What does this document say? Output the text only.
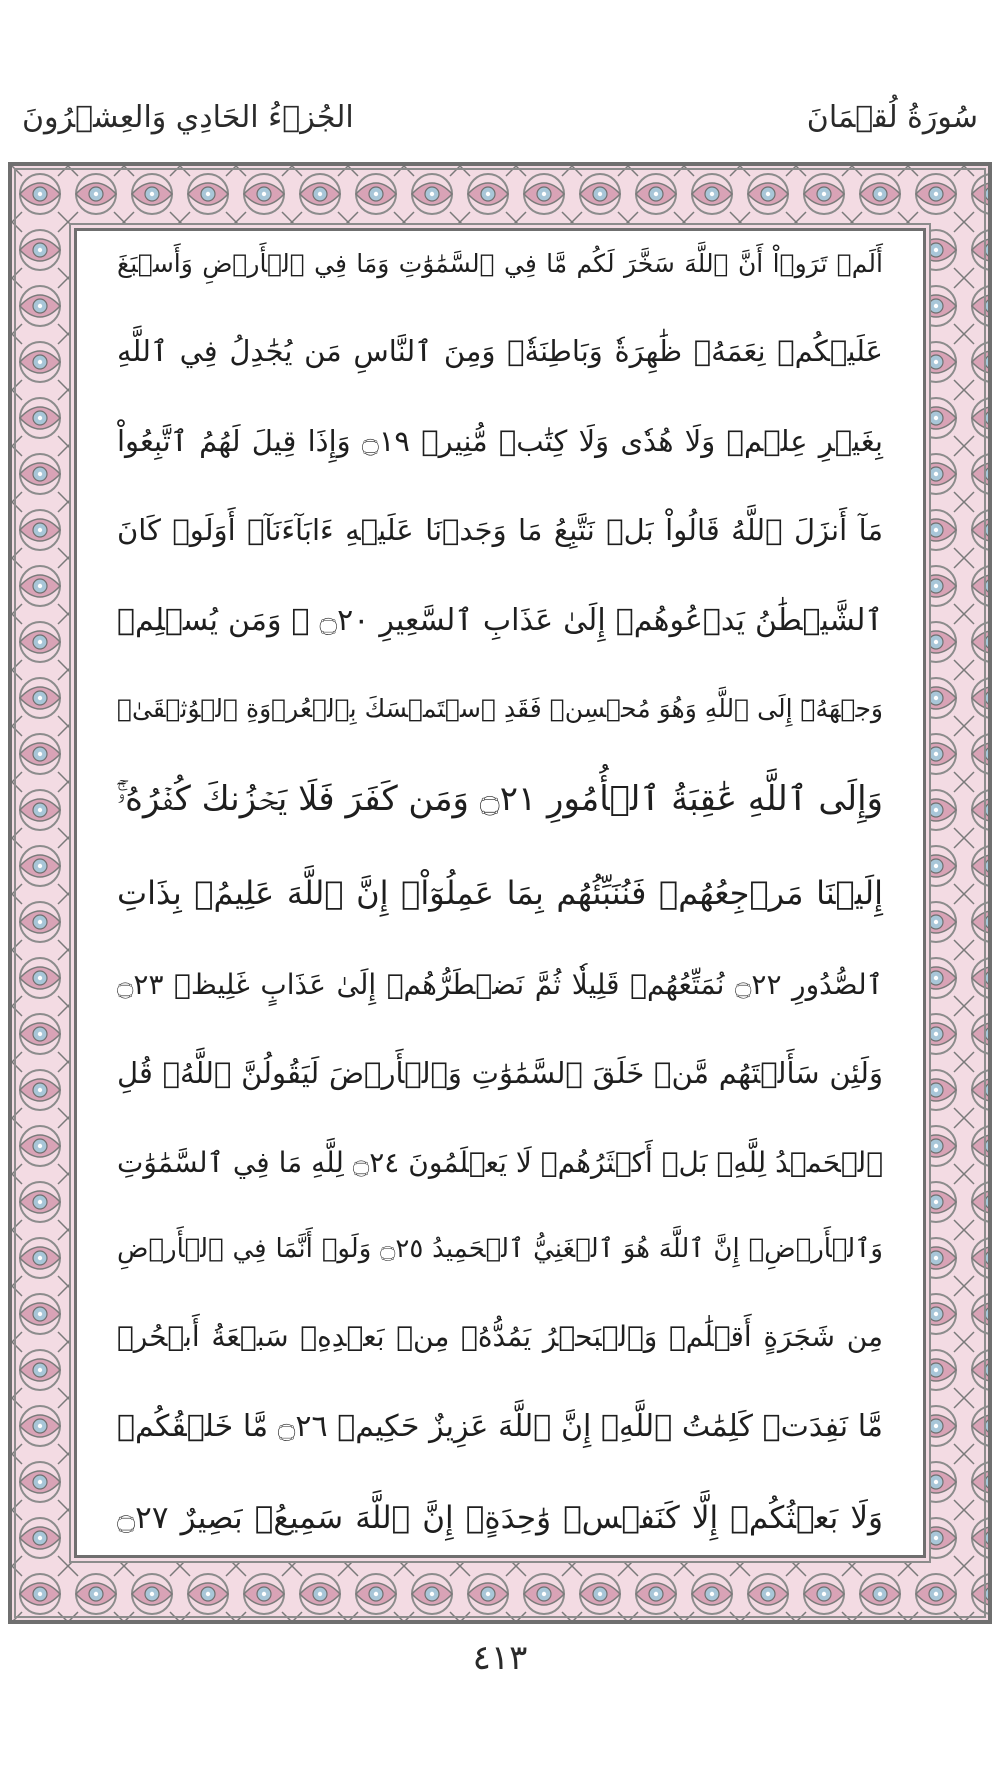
سُورَةُ لُقۡمَانَ
الجُزۡءُ الحَادِي وَالعِشۡرُونَ
أَلَمۡ تَرَوۡاْ أَنَّ ٱللَّهَ سَخَّرَ لَكُم مَّا فِي ٱلسَّمَٰوَٰتِ وَمَا فِي ٱلۡأَرۡضِ وَأَسۡبَغَ
عَلَيۡكُمۡ نِعَمَهُۥ ظَٰهِرَةٗ وَبَاطِنَةٗۗ وَمِنَ ٱلنَّاسِ مَن يُجَٰدِلُ فِي ٱللَّهِ
بِغَيۡرِ عِلۡمٖ وَلَا هُدٗى وَلَا كِتَٰبٖ مُّنِيرٖ ۝١٩ وَإِذَا قِيلَ لَهُمُ ٱتَّبِعُواْ
مَآ أَنزَلَ ٱللَّهُ قَالُواْ بَلۡ نَتَّبِعُ مَا وَجَدۡنَا عَلَيۡهِ ءَابَآءَنَآۚ أَوَلَوۡ كَانَ
ٱلشَّيۡطَٰنُ يَدۡعُوهُمۡ إِلَىٰ عَذَابِ ٱلسَّعِيرِ ۝٢٠ ۞ وَمَن يُسۡلِمۡ
وَجۡهَهُۥٓ إِلَى ٱللَّهِ وَهُوَ مُحۡسِنٞ فَقَدِ ٱسۡتَمۡسَكَ بِٱلۡعُرۡوَةِ ٱلۡوُثۡقَىٰۗ
وَإِلَى ٱللَّهِ عَٰقِبَةُ ٱلۡأُمُورِ ۝٢١ وَمَن كَفَرَ فَلَا يَحۡزُنكَ كُفۡرُهُۥٓۚ
إِلَيۡنَا مَرۡجِعُهُمۡ فَنُنَبِّئُهُم بِمَا عَمِلُوٓاْۚ إِنَّ ٱللَّهَ عَلِيمُۢ بِذَاتِ
ٱلصُّدُورِ ۝٢٢ نُمَتِّعُهُمۡ قَلِيلٗا ثُمَّ نَضۡطَرُّهُمۡ إِلَىٰ عَذَابٍ غَلِيظٖ ۝٢٣
وَلَئِن سَأَلۡتَهُم مَّنۡ خَلَقَ ٱلسَّمَٰوَٰتِ وَٱلۡأَرۡضَ لَيَقُولُنَّ ٱللَّهُۚ قُلِ
ٱلۡحَمۡدُ لِلَّهِۚ بَلۡ أَكۡثَرُهُمۡ لَا يَعۡلَمُونَ ۝٢٤ لِلَّهِ مَا فِي ٱلسَّمَٰوَٰتِ
وَٱلۡأَرۡضِۚ إِنَّ ٱللَّهَ هُوَ ٱلۡغَنِيُّ ٱلۡحَمِيدُ ۝٢٥ وَلَوۡ أَنَّمَا فِي ٱلۡأَرۡضِ
مِن شَجَرَةٍ أَقۡلَٰمٞ وَٱلۡبَحۡرُ يَمُدُّهُۥ مِنۢ بَعۡدِهِۦ سَبۡعَةُ أَبۡحُرٖ
مَّا نَفِدَتۡ كَلِمَٰتُ ٱللَّهِۚ إِنَّ ٱللَّهَ عَزِيزٌ حَكِيمٞ ۝٢٦ مَّا خَلۡقُكُمۡ
وَلَا بَعۡثُكُمۡ إِلَّا كَنَفۡسٖ وَٰحِدَةٍۚ إِنَّ ٱللَّهَ سَمِيعُۢ بَصِيرٌ ۝٢٧
٤١٣
